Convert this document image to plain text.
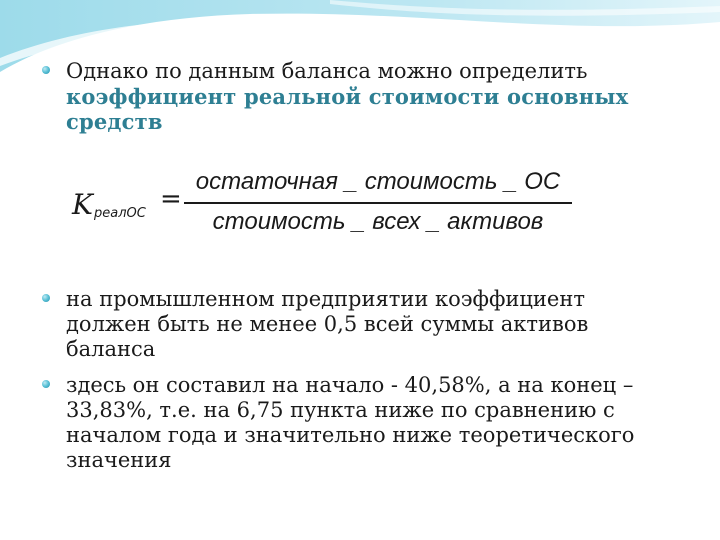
Однако по данным баланса можно определить
коэффициент реальной стоимости основных
средств
K реалОС =
остаточная _ стоимость _ ОС
стоимость _ всех _ активов
на промышленном предприятии коэффициент
должен быть не менее 0,5 всей суммы активов
баланса
здесь он составил на начало - 40,58%, а на конец –
33,83%, т.е. на 6,75 пункта ниже по сравнению с
началом года и значительно ниже теоретического
значения
